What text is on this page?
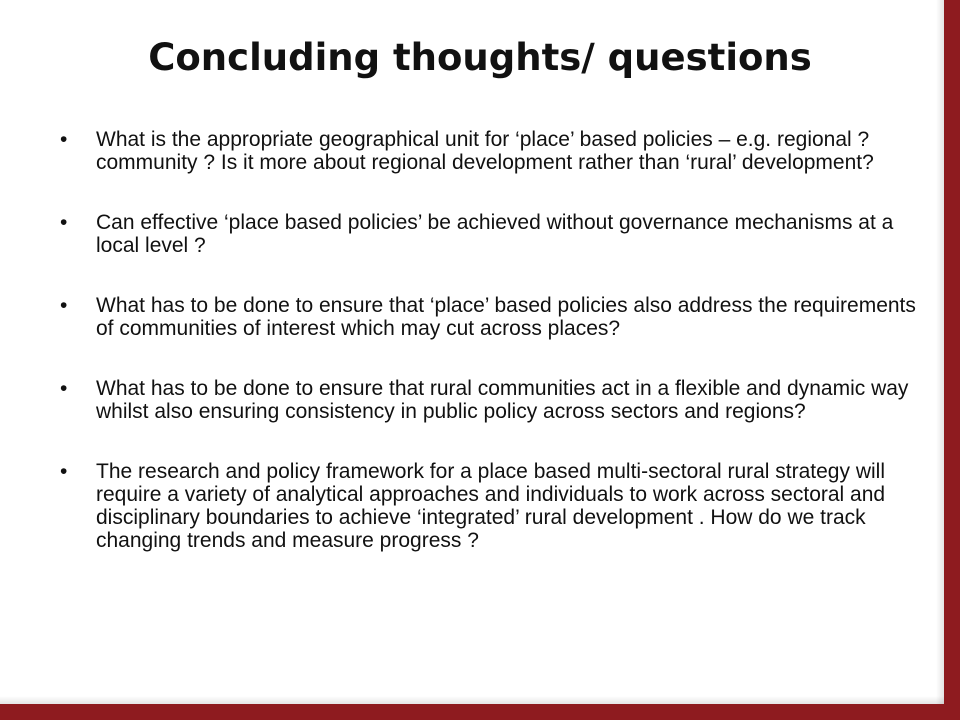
Concluding thoughts/ questions
• What is the appropriate geographical unit for ‘place’ based policies – e.g. regional ? community ? Is it more about regional development rather than ‘rural’ development?
• Can effective ‘place based policies’ be achieved without governance mechanisms at a local level ?
• What has to be done to ensure that ‘place’ based policies also address the requirements of communities of interest which may cut across places?
• What has to be done to ensure that rural communities act in a flexible and dynamic way whilst also ensuring consistency in public policy across sectors and regions?
• The research and policy framework for a place based multi-sectoral rural strategy will require a variety of analytical approaches and individuals to work across sectoral and disciplinary boundaries to achieve ‘integrated’ rural development . How do we track changing trends and measure progress ?
